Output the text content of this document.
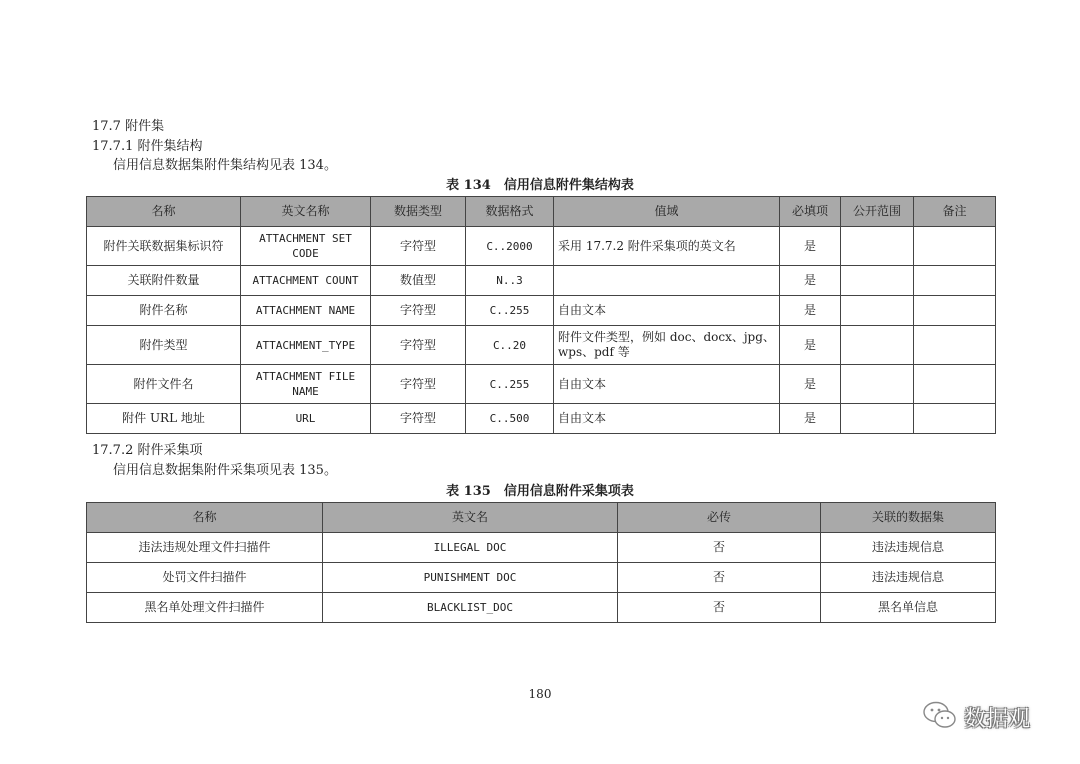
17.7 附件集
17.7.1 附件集结构
信用信息数据集附件集结构见表 134。
表 134　信用信息附件集结构表
名称	英文名称	数据类型	数据格式	值域	必填项	公开范围	备注
附件关联数据集标识符	ATTACHMENT SET CODE	字符型	C..2000	采用 17.7.2 附件采集项的英文名	是		
关联附件数量	ATTACHMENT COUNT	数值型	N..3		是		
附件名称	ATTACHMENT NAME	字符型	C..255	自由文本	是		
附件类型	ATTACHMENT_TYPE	字符型	C..20	附件文件类型，例如 doc、docx、jpg、wps、pdf 等	是		
附件文件名	ATTACHMENT FILE NAME	字符型	C..255	自由文本	是		
附件 URL 地址	URL	字符型	C..500	自由文本	是		
17.7.2 附件采集项
信用信息数据集附件采集项见表 135。
表 135　信用信息附件采集项表
名称	英文名	必传	关联的数据集
违法违规处理文件扫描件	ILLEGAL DOC	否	违法违规信息
处罚文件扫描件	PUNISHMENT DOC	否	违法违规信息
黑名单处理文件扫描件	BLACKLIST_DOC	否	黑名单信息
180
数据观
